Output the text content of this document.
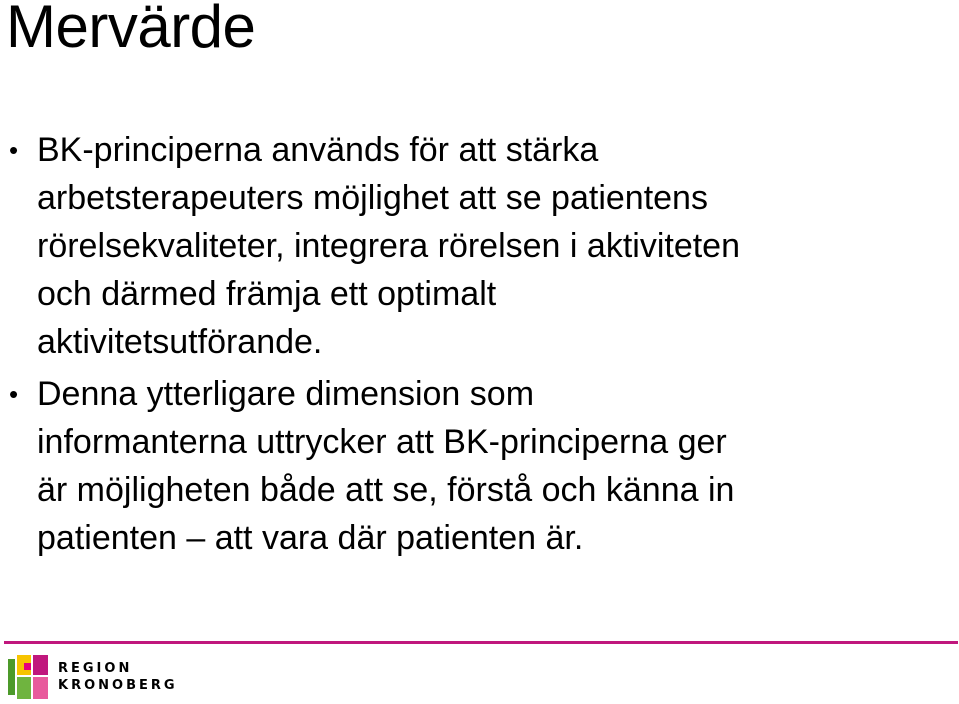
Mervärde
• BK-principerna används för att stärka
arbetsterapeuters möjlighet att se patientens
rörelsekvaliteter, integrera rörelsen i aktiviteten
och därmed främja ett optimalt
aktivitetsutförande.
• Denna ytterligare dimension som
informanterna uttrycker att BK-principerna ger
är möjligheten både att se, förstå och känna in
patienten – att vara där patienten är.
REGION
KRONOBERG
